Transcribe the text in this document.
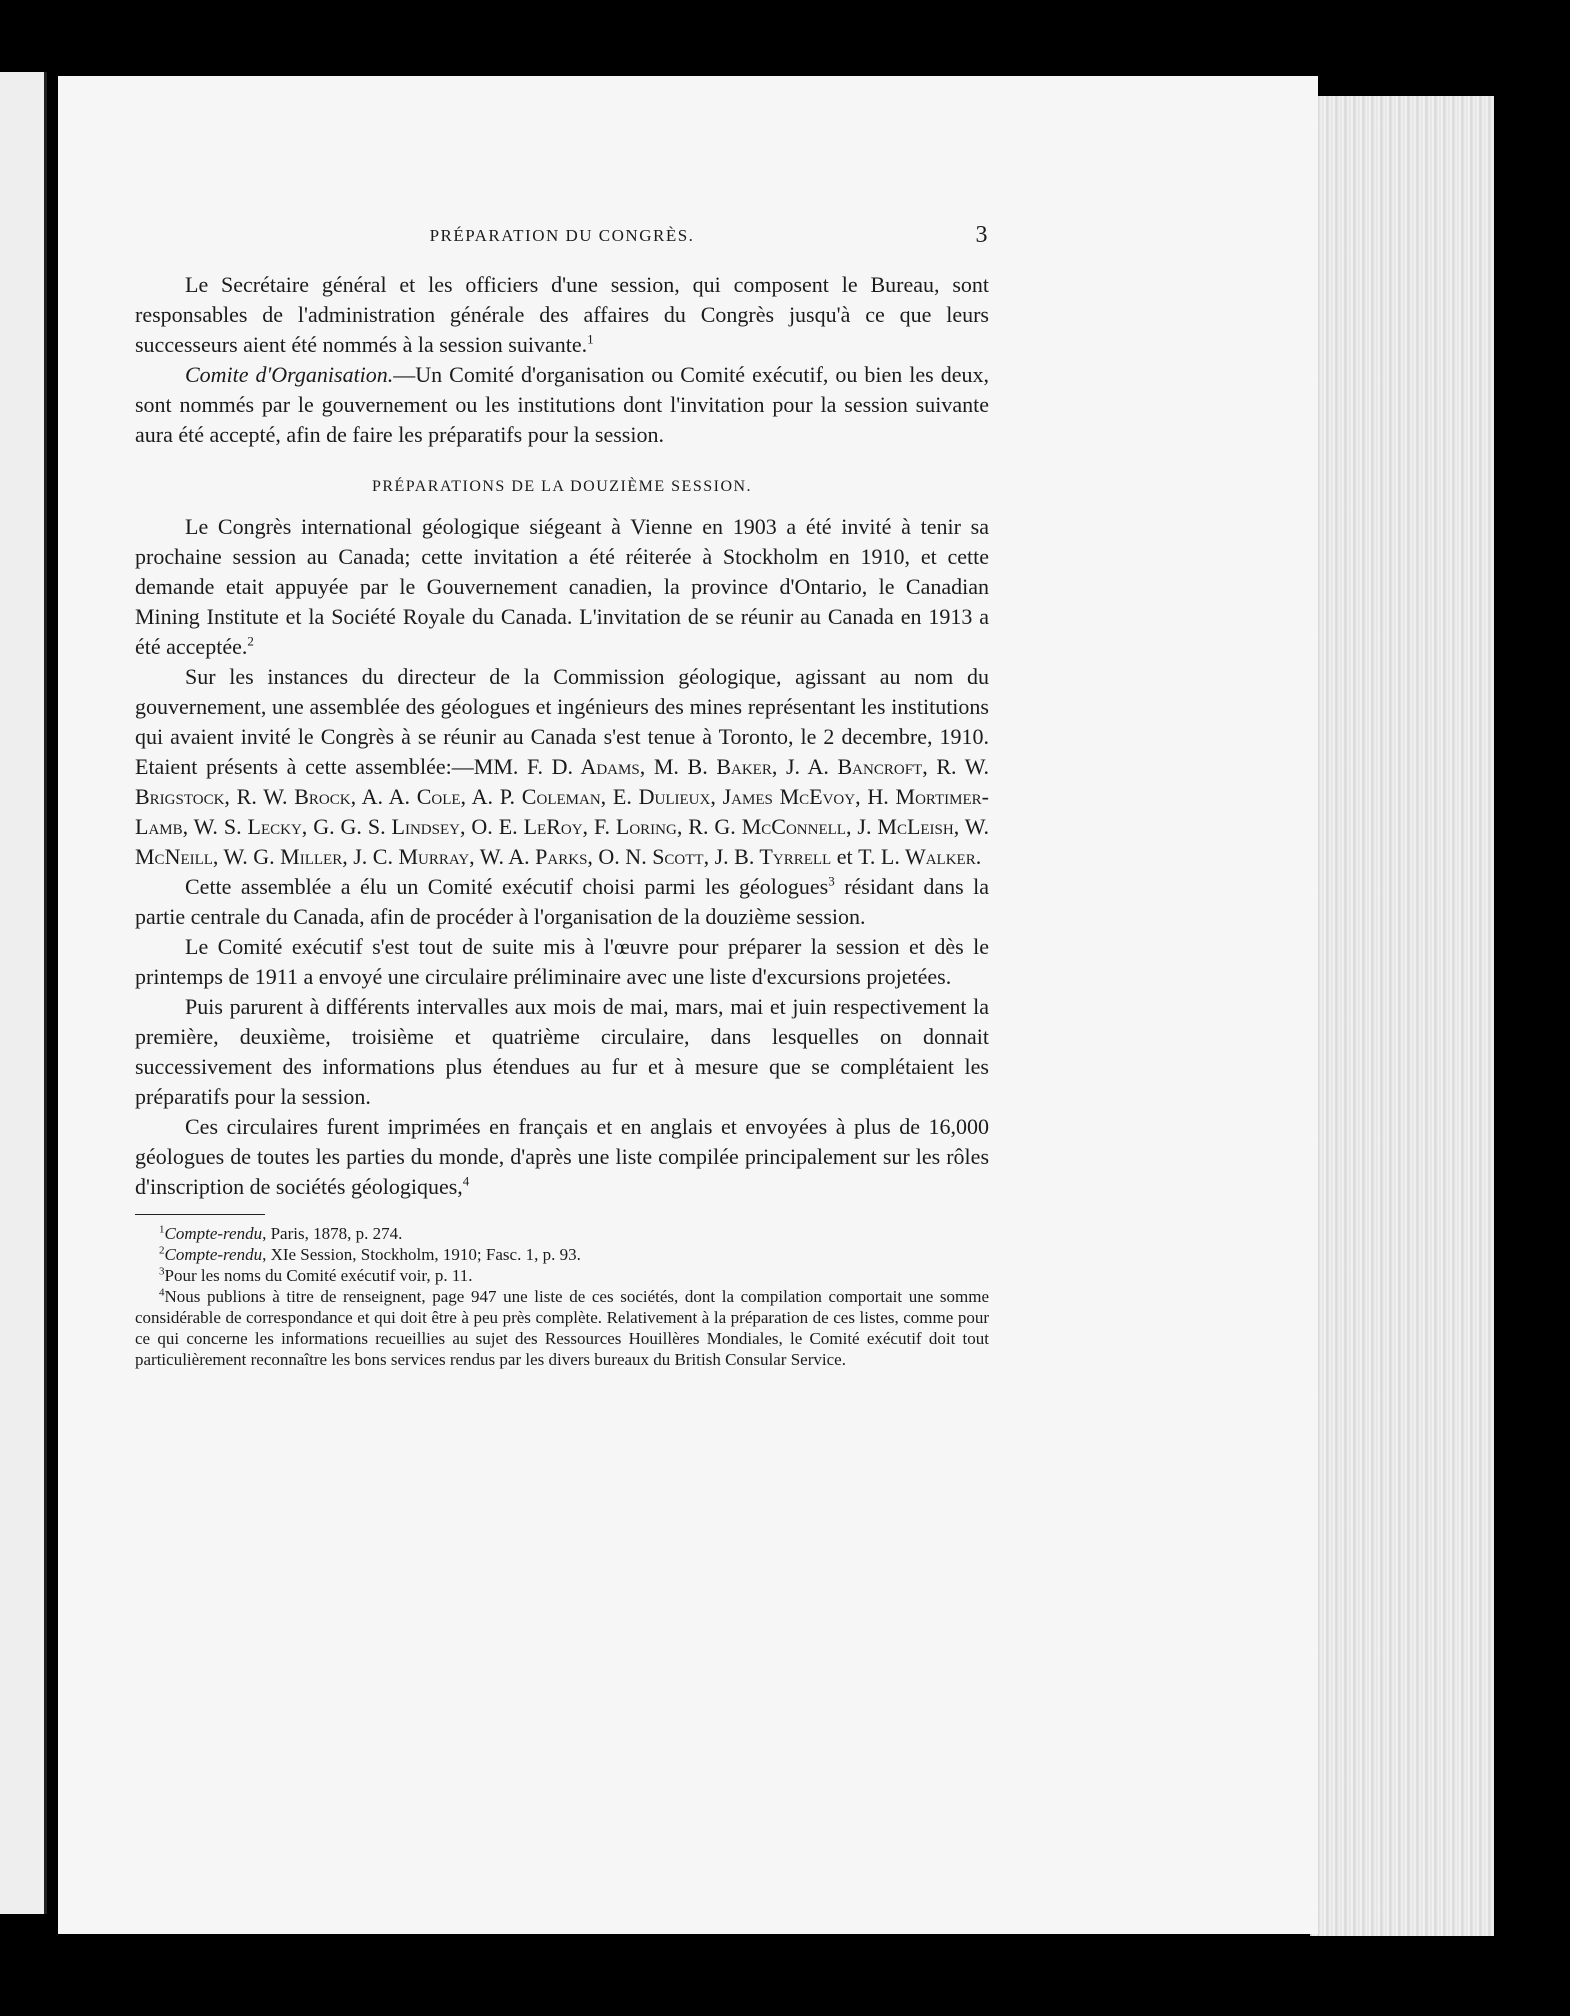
PRÉPARATION DU CONGRÈS.	3

Le Secrétaire général et les officiers d'une session, qui composent le Bureau, sont responsables de l'administration générale des affaires du Congrès jusqu'à ce que leurs successeurs aient été nommés à la session suivante.$^1$

Comite d'Organisation.—Un Comité d'organisation ou Comité exécutif, ou bien les deux, sont nommés par le gouvernement ou les institutions dont l'invitation pour la session suivante aura été accepté, afin de faire les préparatifs pour la session.

PRÉPARATIONS DE LA DOUZIÈME SESSION.

Le Congrès international géologique siégeant à Vienne en 1903 a été invité à tenir sa prochaine session au Canada; cette invitation a été réiterée à Stockholm en 1910, et cette demande etait appuyée par le Gouvernement canadien, la province d'Ontario, le Canadian Mining Institute et la Société Royale du Canada. L'invitation de se réunir au Canada en 1913 a été acceptée.$^2$

Sur les instances du directeur de la Commission géologique, agissant au nom du gouvernement, une assemblée des géologues et ingénieurs des mines représentant les institutions qui avaient invité le Congrès à se réunir au Canada s'est tenue à Toronto, le 2 decembre, 1910. Etaient présents à cette assemblée:—MM. F. D. Adams, M. B. Baker, J. A. Bancroft, R. W. Brigstock, R. W. Brock, A. A. Cole, A. P. Coleman, E. Dulieux, James McEvoy, H. Mortimer-Lamb, W. S. Lecky, G. G. S. Lindsey, O. E. LeRoy, F. Loring, R. G. McConnell, J. McLeish, W. McNeill, W. G. Miller, J. C. Murray, W. A. Parks, O. N. Scott, J. B. Tyrrell et T. L. Walker.

Cette assemblée a élu un Comité exécutif choisi parmi les géologues$^3$ résidant dans la partie centrale du Canada, afin de procéder à l'organisation de la douzième session.

Le Comité exécutif s'est tout de suite mis à l'œuvre pour préparer la session et dès le printemps de 1911 a envoyé une circulaire préliminaire avec une liste d'excursions projetées.

Puis parurent à différents intervalles aux mois de mai, mars, mai et juin respectivement la première, deuxième, troisième et quatrième circulaire, dans lesquelles on donnait successivement des informations plus étendues au fur et à mesure que se complétaient les préparatifs pour la session.

Ces circulaires furent imprimées en français et en anglais et envoyées à plus de 16,000 géologues de toutes les parties du monde, d'après une liste compilée principalement sur les rôles d'inscription de sociétés géologiques,$^4$

$^1$Compte-rendu, Paris, 1878, p. 274.

$^2$Compte-rendu, XIe Session, Stockholm, 1910; Fasc. 1, p. 93.

$^3$Pour les noms du Comité exécutif voir, p. 11.

$^4$Nous publions à titre de renseignent, page 947 une liste de ces sociétés, dont la compilation comportait une somme considérable de correspondance et qui doit être à peu près complète. Relativement à la préparation de ces listes, comme pour ce qui concerne les informations recueillies au sujet des Ressources Houillères Mondiales, le Comité exécutif doit tout particulièrement reconnaître les bons services rendus par les divers bureaux du British Consular Service.
